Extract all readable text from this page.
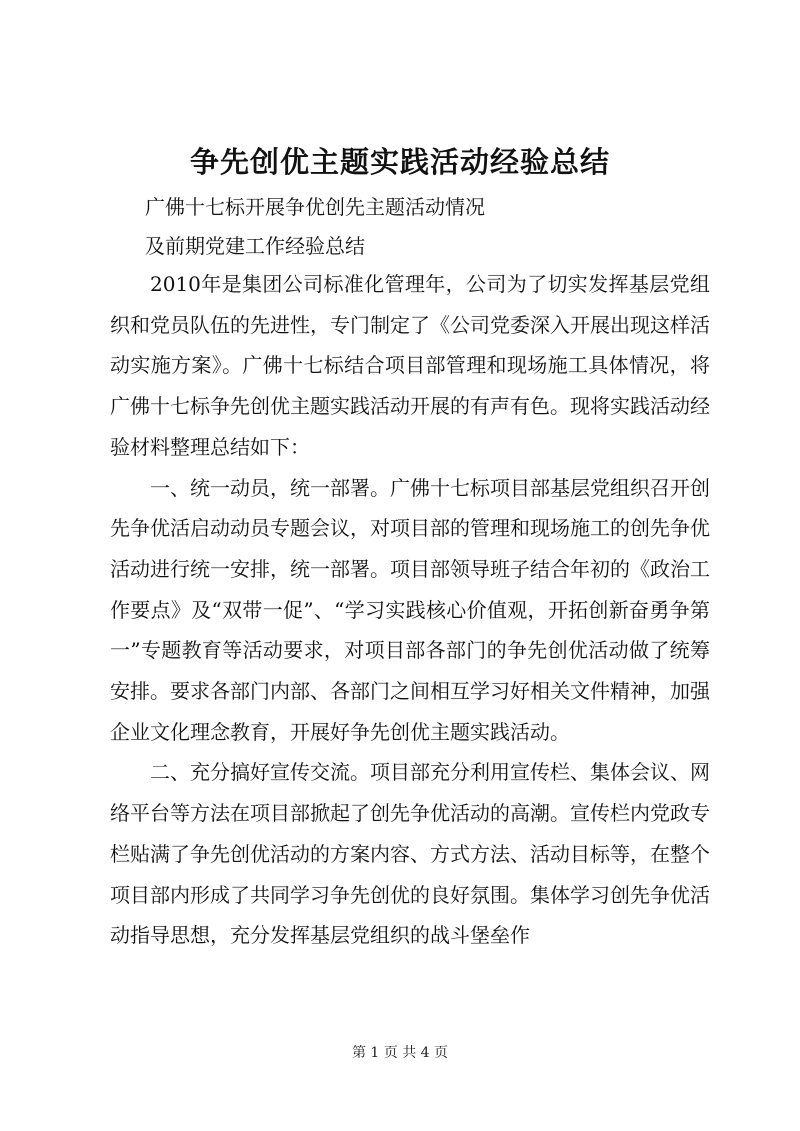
争先创优主题实践活动经验总结
广佛十七标开展争优创先主题活动情况
及前期党建工作经验总结

2010年是集团公司标准化管理年，公司为了切实发挥基层党组织和党员队伍的先进性，专门制定了《公司党委深入开展出现这样活动实施方案》。广佛十七标结合项目部管理和现场施工具体情况，将广佛十七标争先创优主题实践活动开展的有声有色。现将实践活动经验材料整理总结如下：

一、统一动员，统一部署。广佛十七标项目部基层党组织召开创先争优活启动动员专题会议，对项目部的管理和现场施工的创先争优活动进行统一安排，统一部署。项目部领导班子结合年初的《政治工作要点》及“双带一促”、“学习实践核心价值观，开拓创新奋勇争第一”专题教育等活动要求，对项目部各部门的争先创优活动做了统筹安排。要求各部门内部、各部门之间相互学习好相关文件精神，加强企业文化理念教育，开展好争先创优主题实践活动。

二、充分搞好宣传交流。项目部充分利用宣传栏、集体会议、网络平台等方法在项目部掀起了创先争优活动的高潮。宣传栏内党政专栏贴满了争先创优活动的方案内容、方式方法、活动目标等，在整个项目部内形成了共同学习争先创优的良好氛围。集体学习创先争优活动指导思想，充分发挥基层党组织的战斗堡垒作

第 1 页 共 4 页
